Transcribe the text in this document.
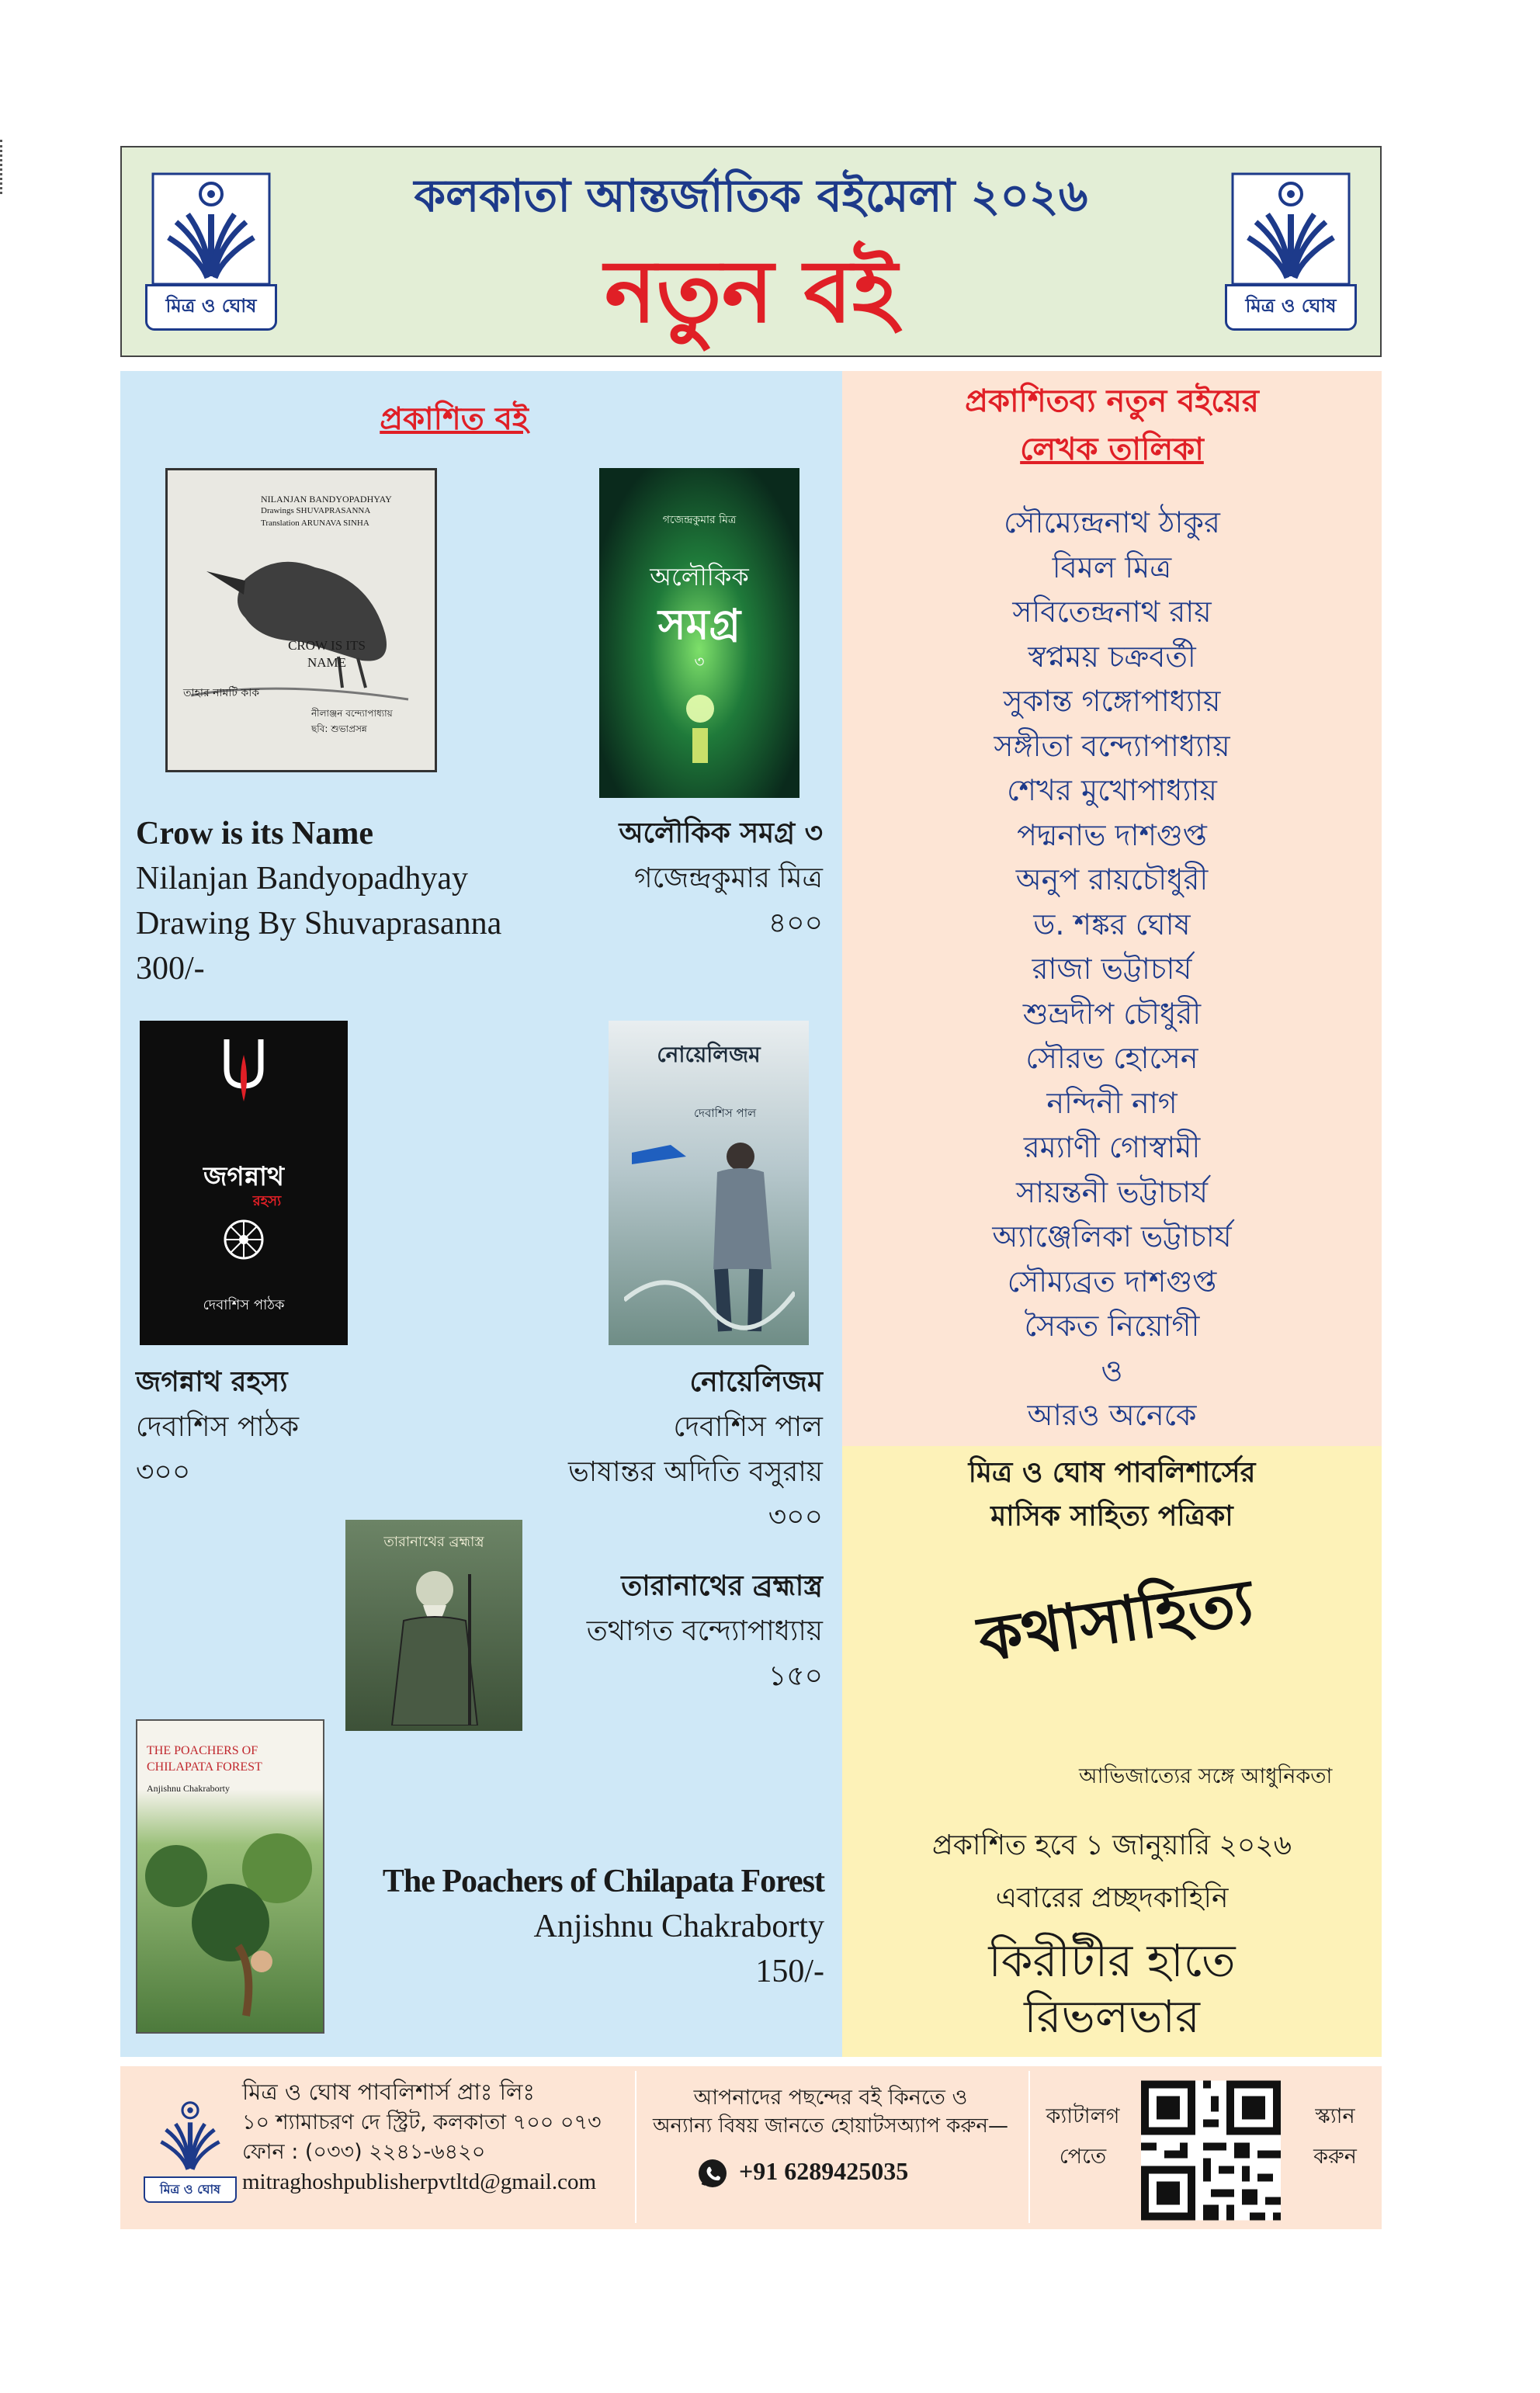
মিত্র ও ঘোষ
কলকাতা আন্তর্জাতিক বইমেলা ২০২৬
নতুন বই	মিত্র ও ঘোষ
প্রকাশিত বই
NILANJAN BANDYOPADHYAY
Drawings SHUVAPRASANNA
Translation ARUNAVA SINHA
CROW IS ITS NAME
তাহার নামটি কাক
নীলাঞ্জন বন্দ্যোপাধ্যায়
ছবি: শুভাপ্রসন্ন
গজেন্দ্রকুমার মিত্র
অলৌকিক
সমগ্র
৩
Crow is its Name
Nilanjan Bandyopadhyay
Drawing By Shuvaprasanna
300/-
অলৌকিক সমগ্র ৩
গজেন্দ্রকুমার মিত্র
৪০০
জগন্নাথ
রহস্য
দেবাশিস পাঠক
নোয়েলিজম
দেবাশিস পাল
জগন্নাথ রহস্য
দেবাশিস পাঠক
৩০০
নোয়েলিজম
দেবাশিস পাল
ভাষান্তর অদিতি বসুরায়
৩০০
তারানাথের ব্রহ্মাস্ত্র
তারানাথের ব্রহ্মাস্ত্র
তথাগত বন্দ্যোপাধ্যায়
১৫০
THE POACHERS OF CHILAPATA FOREST
Anjishnu Chakraborty
The Poachers of Chilapata Forest
Anjishnu Chakraborty
150/-
প্রকাশিতব্য নতুন বইয়ের
লেখক তালিকা
সৌম্যেন্দ্রনাথ ঠাকুর
বিমল মিত্র
সবিতেন্দ্রনাথ রায়
স্বপ্নময় চক্রবর্তী
সুকান্ত গঙ্গোপাধ্যায়
সঙ্গীতা বন্দ্যোপাধ্যায়
শেখর মুখোপাধ্যায়
পদ্মনাভ দাশগুপ্ত
অনুপ রায়চৌধুরী
ড. শঙ্কর ঘোষ
রাজা ভট্টাচার্য
শুভ্রদীপ চৌধুরী
সৌরভ হোসেন
নন্দিনী নাগ
রম্যাণী গোস্বামী
সায়ন্তনী ভট্টাচার্য
অ্যাঞ্জেলিকা ভট্টাচার্য
সৌম্যব্রত দাশগুপ্ত
সৈকত নিয়োগী
ও
আরও অনেকে
মিত্র ও ঘোষ পাবলিশার্সের
মাসিক সাহিত্য পত্রিকা
কথাসাহিত্য
আভিজাত্যের সঙ্গে আধুনিকতা
প্রকাশিত হবে ১ জানুয়ারি ২০২৬
এবারের প্রচ্ছদকাহিনি
কিরীটীর হাতে
রিভলভার
মিত্র ও ঘোষ
মিত্র ও ঘোষ পাবলিশার্স প্রাঃ লিঃ
১০ শ্যামাচরণ দে স্ট্রিট, কলকাতা ৭০০ ০৭৩
ফোন : (০৩৩) ২২৪১-৬৪২০
mitraghoshpublisherpvtltd@gmail.com
আপনাদের পছন্দের বই কিনতে ও
অন্যান্য বিষয় জানতে হোয়াটসঅ্যাপ করুন—
+91 6289425035
ক্যাটালগ
পেতে
স্ক্যান
করুন
